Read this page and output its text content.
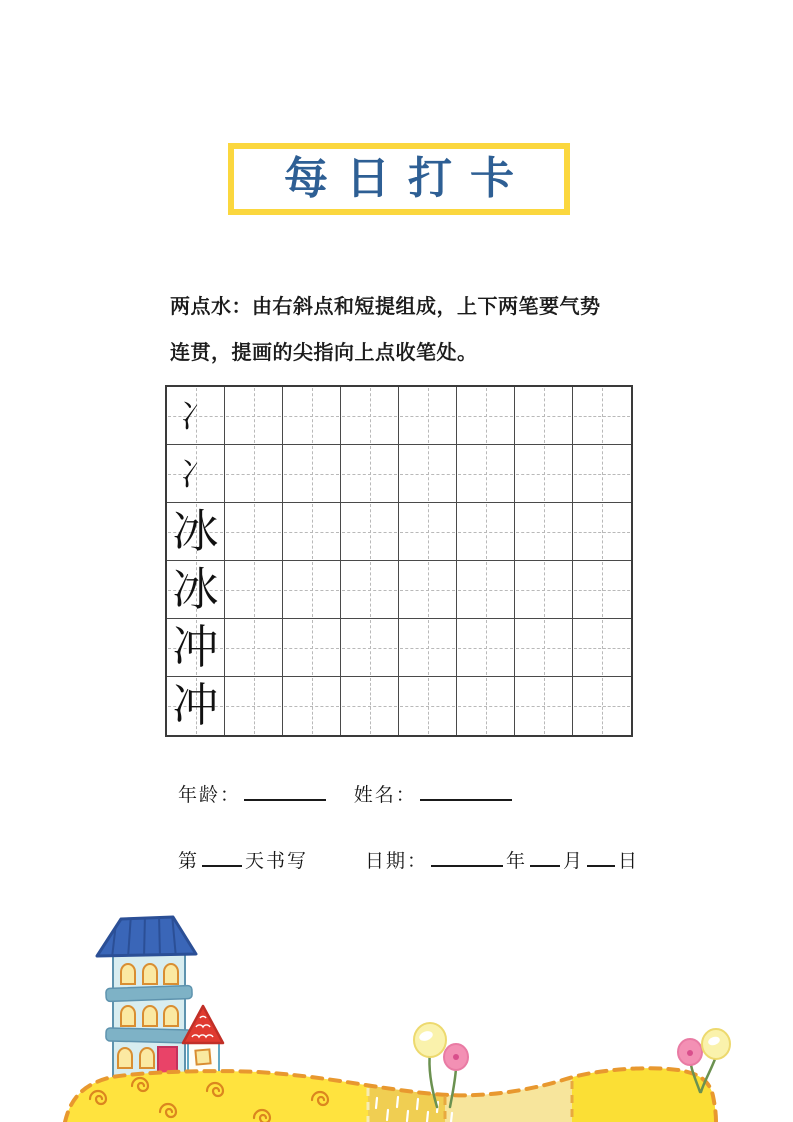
每日打卡
两点水：由右斜点和短提组成，上下两笔要气势
连贯，提画的尖指向上点收笔处。
冫
冫
冰
冰
冲
冲
年龄：	姓名：
第 天书写	日期：	年 月 日
